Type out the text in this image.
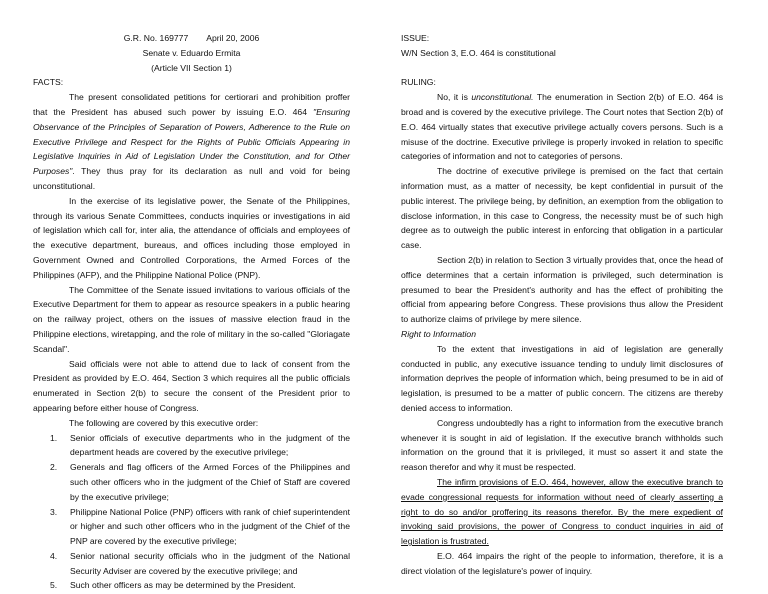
G.R. No. 169777 April 20, 2006
Senate v. Eduardo Ermita
(Article VII Section 1)

FACTS:

The present consolidated petitions for certiorari and prohibition proffer that the President has abused such power by issuing E.O. 464 "Ensuring Observance of the Principles of Separation of Powers, Adherence to the Rule on Executive Privilege and Respect for the Rights of Public Officials Appearing in Legislative Inquiries in Aid of Legislation Under the Constitution, and for Other Purposes". They thus pray for its declaration as null and void for being unconstitutional.

In the exercise of its legislative power, the Senate of the Philippines, through its various Senate Committees, conducts inquiries or investigations in aid of legislation which call for, inter alia, the attendance of officials and employees of the executive department, bureaus, and offices including those employed in Government Owned and Controlled Corporations, the Armed Forces of the Philippines (AFP), and the Philippine National Police (PNP).

The Committee of the Senate issued invitations to various officials of the Executive Department for them to appear as resource speakers in a public hearing on the railway project, others on the issues of massive election fraud in the Philippine elections, wiretapping, and the role of military in the so-called "Gloriagate Scandal".

Said officials were not able to attend due to lack of consent from the President as provided by E.O. 464, Section 3 which requires all the public officials enumerated in Section 2(b) to secure the consent of the President prior to appearing before either house of Congress.

The following are covered by this executive order:

1. Senior officials of executive departments who in the judgment of the department heads are covered by the executive privilege;
2. Generals and flag officers of the Armed Forces of the Philippines and such other officers who in the judgment of the Chief of Staff are covered by the executive privilege;
3. Philippine National Police (PNP) officers with rank of chief superintendent or higher and such other officers who in the judgment of the Chief of the PNP are covered by the executive privilege;
4. Senior national security officials who in the judgment of the National Security Adviser are covered by the executive privilege; and
5. Such other officers as may be determined by the President.

ISSUE:

W/N Section 3, E.O. 464 is constitutional

RULING:

No, it is unconstitutional. The enumeration in Section 2(b) of E.O. 464 is broad and is covered by the executive privilege. The Court notes that Section 2(b) of E.O. 464 virtually states that executive privilege actually covers persons. Such is a misuse of the doctrine. Executive privilege is properly invoked in relation to specific categories of information and not to categories of persons.

The doctrine of executive privilege is premised on the fact that certain information must, as a matter of necessity, be kept confidential in pursuit of the public interest. The privilege being, by definition, an exemption from the obligation to disclose information, in this case to Congress, the necessity must be of such high degree as to outweigh the public interest in enforcing that obligation in a particular case.

Section 2(b) in relation to Section 3 virtually provides that, once the head of office determines that a certain information is privileged, such determination is presumed to bear the President's authority and has the effect of prohibiting the official from appearing before Congress. These provisions thus allow the President to authorize claims of privilege by mere silence.

Right to Information

To the extent that investigations in aid of legislation are generally conducted in public, any executive issuance tending to unduly limit disclosures of information deprives the people of information which, being presumed to be in aid of legislation, is presumed to be a matter of public concern. The citizens are thereby denied access to information.

Congress undoubtedly has a right to information from the executive branch whenever it is sought in aid of legislation. If the executive branch withholds such information on the ground that it is privileged, it must so assert it and state the reason therefor and why it must be respected.

The infirm provisions of E.O. 464, however, allow the executive branch to evade congressional requests for information without need of clearly asserting a right to do so and/or proffering its reasons therefor. By the mere expedient of invoking said provisions, the power of Congress to conduct inquiries in aid of legislation is frustrated.

E.O. 464 impairs the right of the people to information, therefore, it is a direct violation of the legislature's power of inquiry.
